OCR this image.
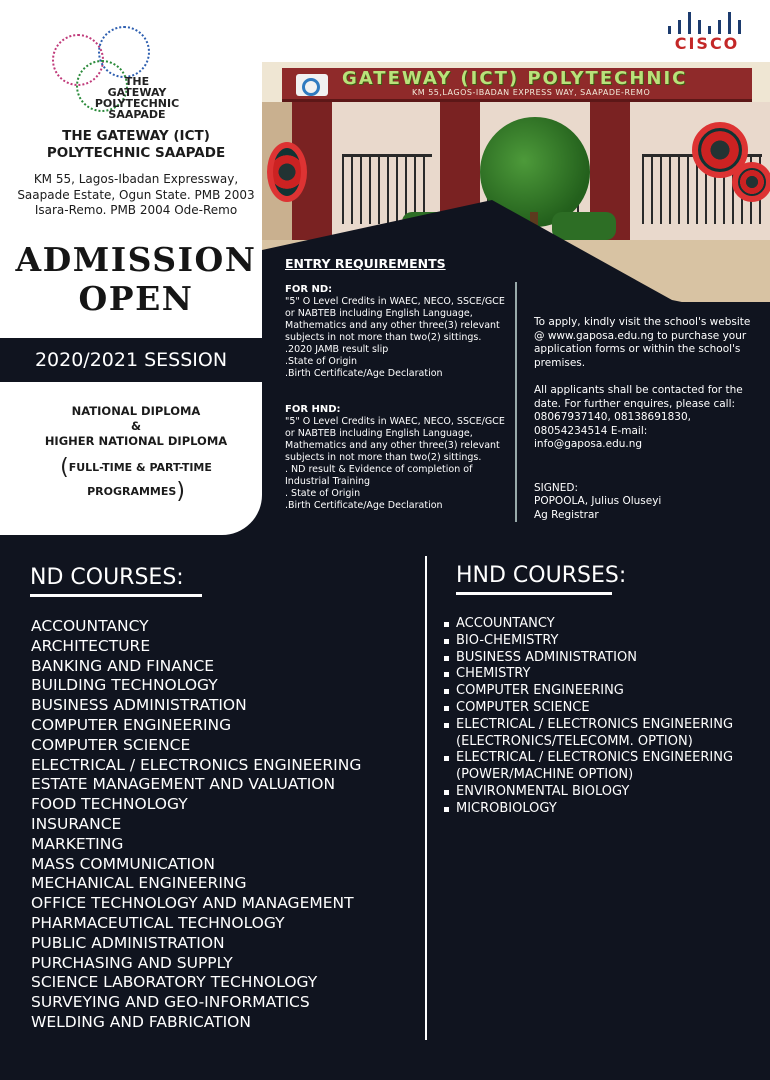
GATEWAY (ICT) POLYTECHNIC
KM 55,LAGOS-IBADAN EXPRESS WAY, SAAPADE-REMO
CISCO
THE GATEWAY POLYTECHNIC SAAPADE
THE GATEWAY (ICT) POLYTECHNIC SAAPADE
KM 55, Lagos-Ibadan Expressway, Saapade Estate, Ogun State. PMB 2003 Isara-Remo. PMB 2004 Ode-Remo
ADMISSION OPEN
2020/2021 SESSION
NATIONAL DIPLOMA
&
HIGHER NATIONAL DIPLOMA
(FULL-TIME & PART-TIME PROGRAMMES)
ENTRY REQUIREMENTS
FOR ND:
"5" O Level Credits in WAEC, NECO, SSCE/GCE or NABTEB including English Language, Mathematics and any other three(3) relevant subjects in not more than two(2) sittings.
.2020 JAMB result slip
.State of Origin
.Birth Certificate/Age Declaration
FOR HND:
"5" O Level Credits in WAEC, NECO, SSCE/GCE or NABTEB including English Language, Mathematics and any other three(3) relevant subjects in not more than two(2) sittings.
. ND result & Evidence of completion of Industrial Training
. State of Origin
.Birth Certificate/Age Declaration
To apply, kindly visit the school's website @ www.gaposa.edu.ng to purchase your application forms or within the school's premises.
All applicants shall be contacted for the date. For further enquires, please call: 08067937140, 08138691830, 08054234514 E-mail: info@gaposa.edu.ng
SIGNED:
POPOOLA, Julius Oluseyi
Ag Registrar
ND COURSES:	HND COURSES:
ACCOUNTANCY
ARCHITECTURE
BANKING AND FINANCE
BUILDING TECHNOLOGY
BUSINESS ADMINISTRATION
COMPUTER ENGINEERING
COMPUTER SCIENCE
ELECTRICAL / ELECTRONICS ENGINEERING
ESTATE MANAGEMENT AND VALUATION
FOOD TECHNOLOGY
INSURANCE
MARKETING
MASS COMMUNICATION
MECHANICAL ENGINEERING
OFFICE TECHNOLOGY AND MANAGEMENT
PHARMACEUTICAL TECHNOLOGY
PUBLIC ADMINISTRATION
PURCHASING AND SUPPLY
SCIENCE LABORATORY TECHNOLOGY
SURVEYING AND GEO-INFORMATICS
WELDING AND FABRICATION
ACCOUNTANCY
BIO-CHEMISTRY
BUSINESS ADMINISTRATION
CHEMISTRY
COMPUTER ENGINEERING
COMPUTER SCIENCE
ELECTRICAL / ELECTRONICS ENGINEERING
(ELECTRONICS/TELECOMM. OPTION)
ELECTRICAL / ELECTRONICS ENGINEERING
(POWER/MACHINE OPTION)
ENVIRONMENTAL BIOLOGY
MICROBIOLOGY
